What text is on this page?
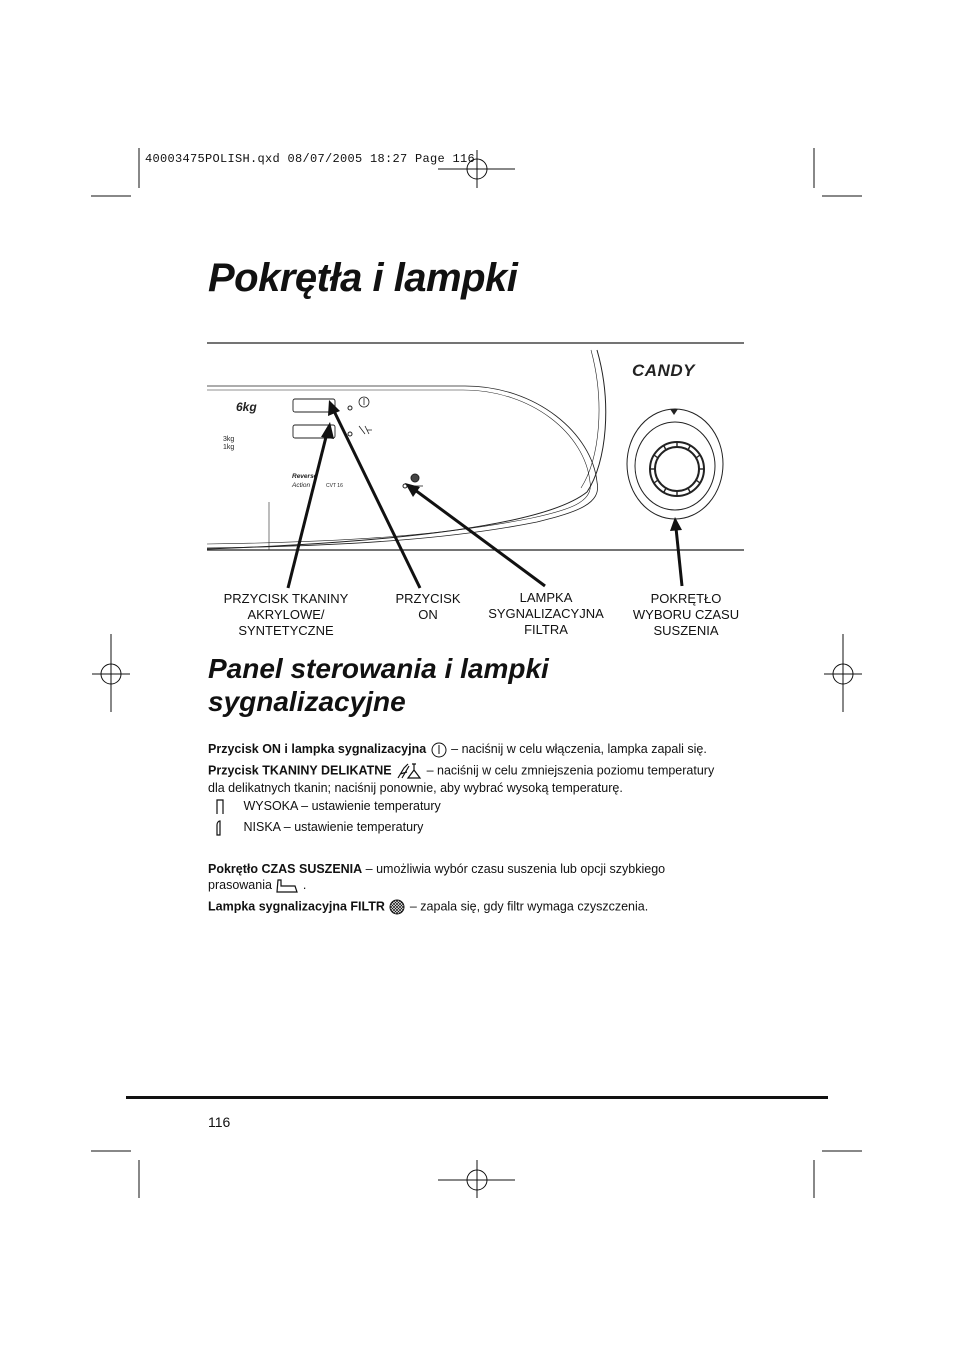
40003475POLISH.qxd 08/07/2005 18:27 Page 116
Pokrętła i lampki
CANDY
6kg
3kg
1kg
Reverse
Action	CVT 16
PRZYCISK TKANINY
AKRYLOWE/
SYNTETYCZNE
PRZYCISK
ON
LAMPKA
SYGNALIZACYJNA
FILTRA
POKRĘTŁO
WYBORU CZASU
SUSZENIA
Panel sterowania i lampki sygnalizacyjne
Przycisk ON i lampka sygnalizacyjna – naciśnij w celu włączenia, lampka zapali się.
Przycisk TKANINY DELIKATNE	– naciśnij w celu zmniejszenia poziomu temperatury
dla delikatnych tkanin; naciśnij ponownie, aby wybrać wysoką temperaturę.
WYSOKA – ustawienie temperatury
NISKA – ustawienie temperatury
Pokrętło CZAS SUSZENIA – umożliwia wybór czasu suszenia lub opcji szybkiego
prasowania .
Lampka sygnalizacyjna FILTR – zapala się, gdy filtr wymaga czyszczenia.
116
